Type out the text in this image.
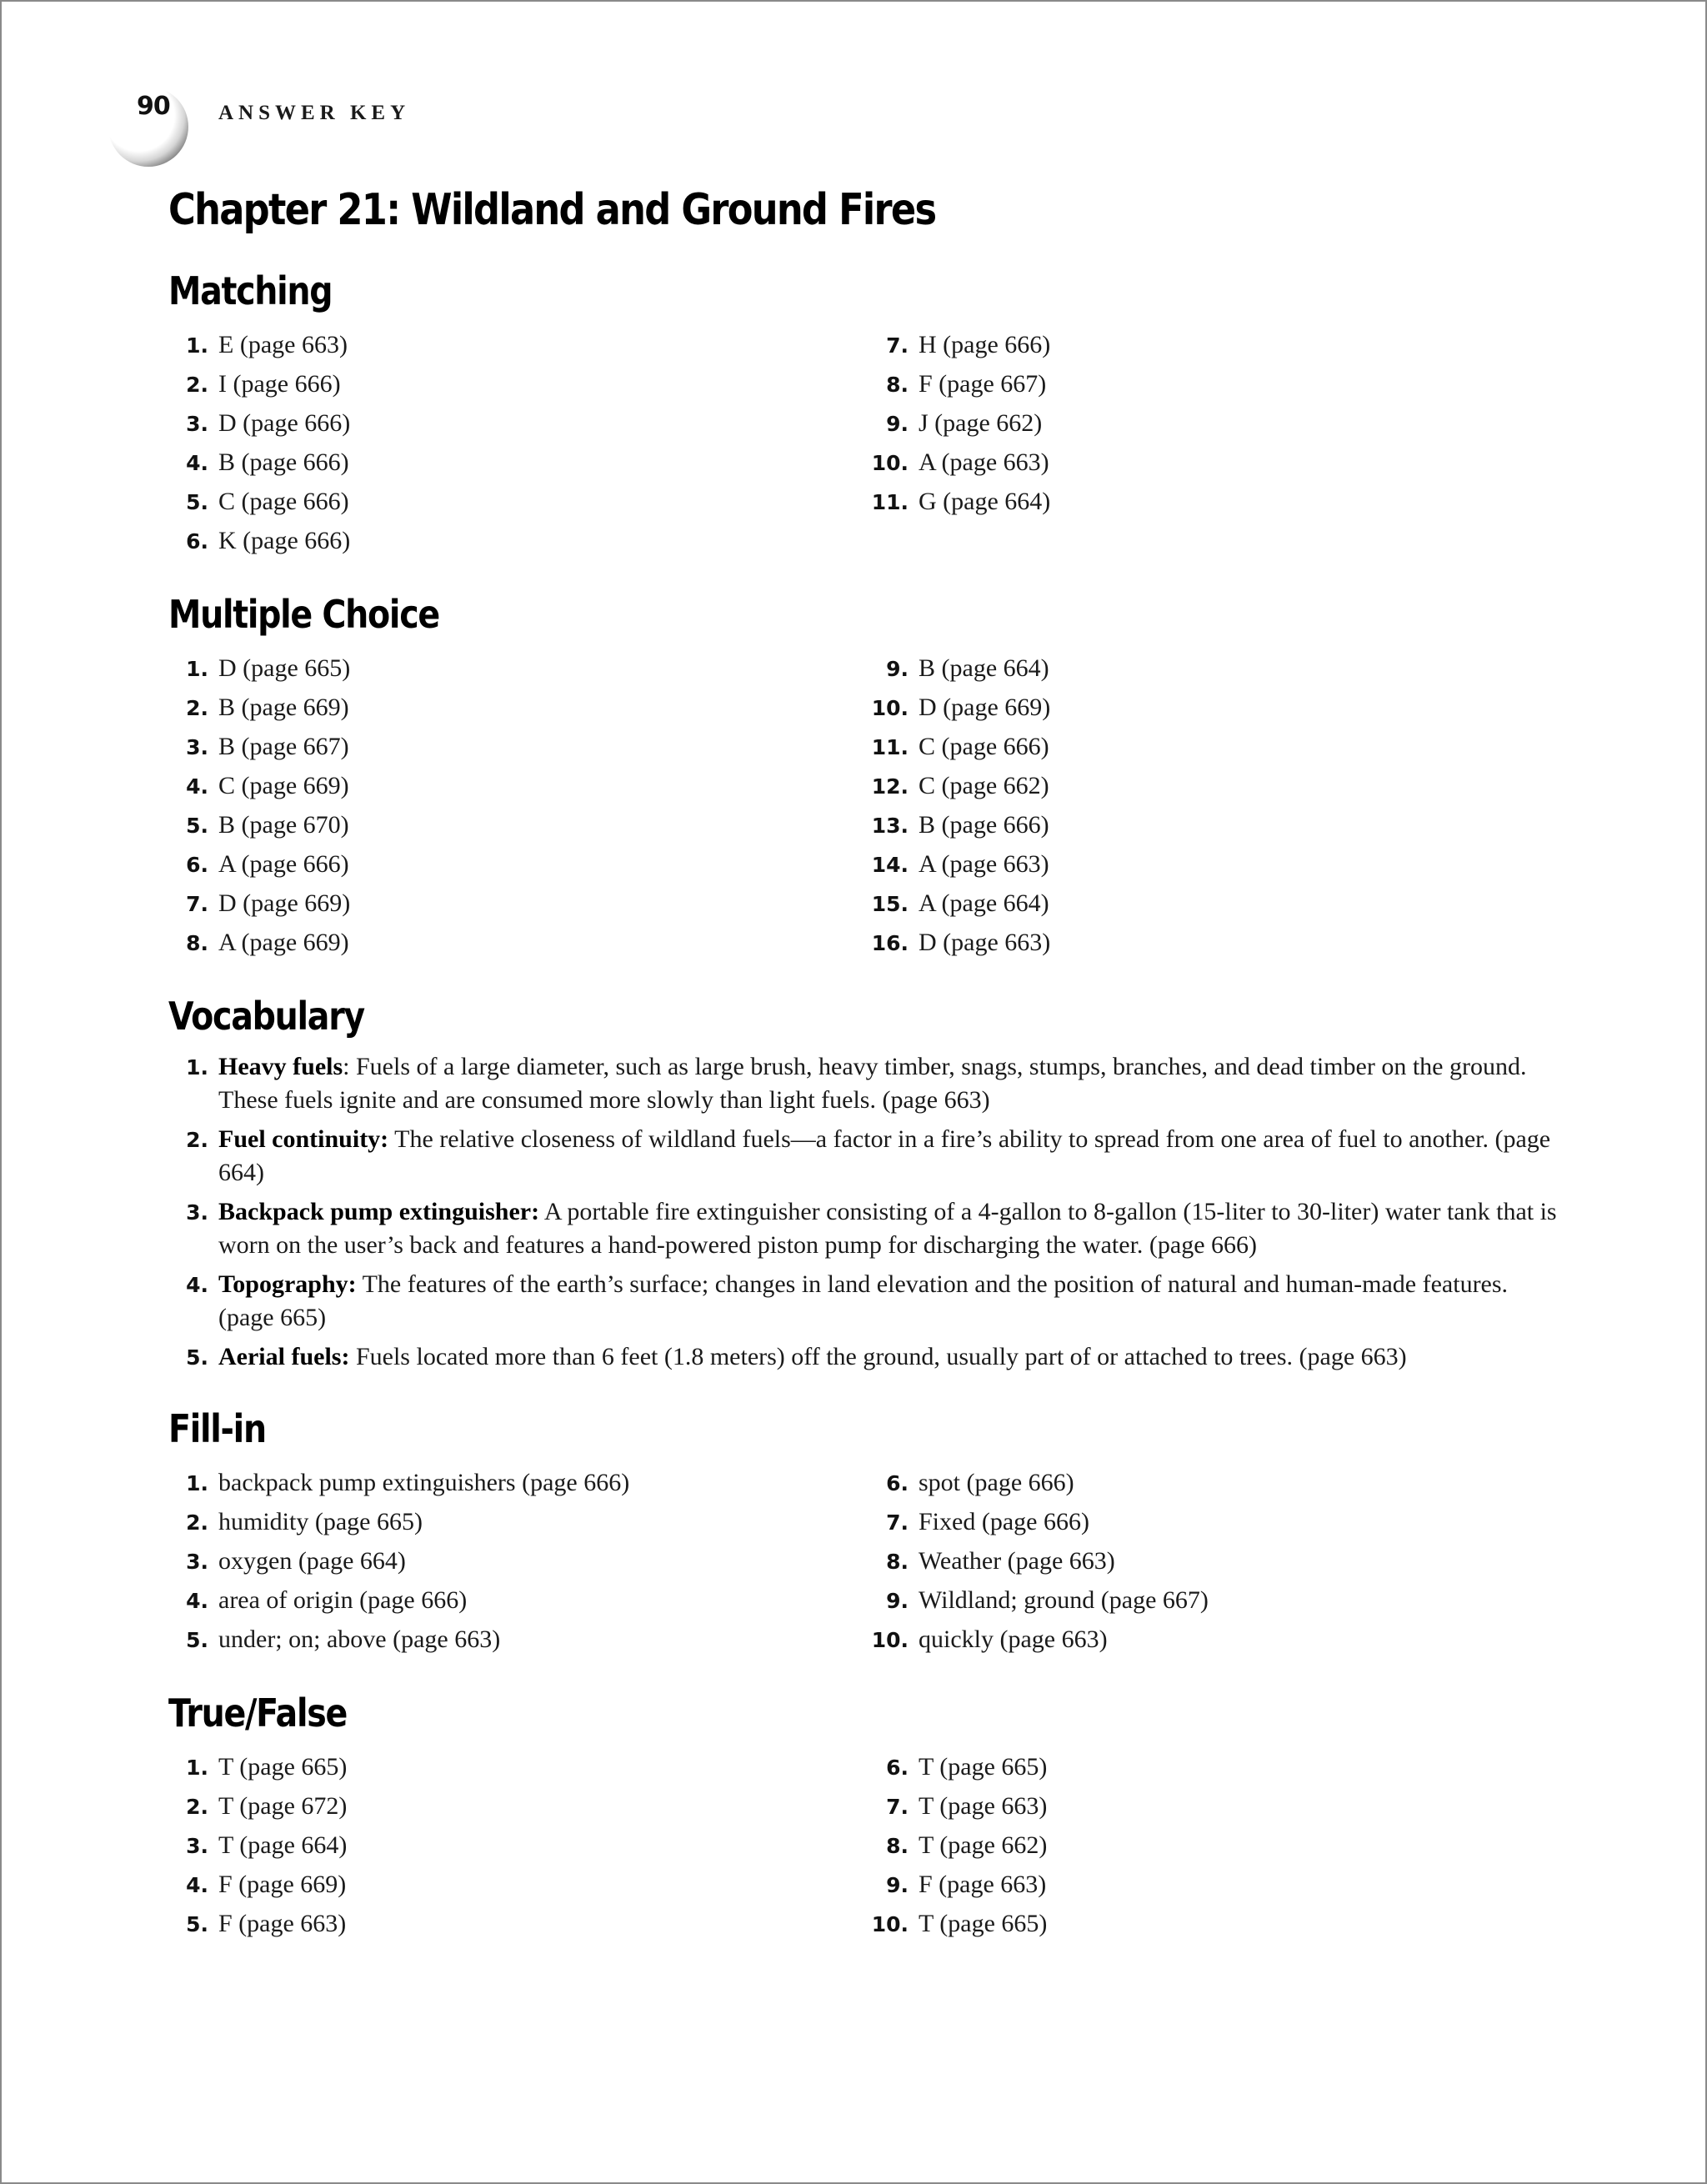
90 ANSWER KEY
Chapter 21: Wildland and Ground Fires
Matching
1. E (page 663)
2. I (page 666)
3. D (page 666)
4. B (page 666)
5. C (page 666)
6. K (page 666)
7. H (page 666)
8. F (page 667)
9. J (page 662)
10. A (page 663)
11. G (page 664)
Multiple Choice
1. D (page 665)
2. B (page 669)
3. B (page 667)
4. C (page 669)
5. B (page 670)
6. A (page 666)
7. D (page 669)
8. A (page 669)
9. B (page 664)
10. D (page 669)
11. C (page 666)
12. C (page 662)
13. B (page 666)
14. A (page 663)
15. A (page 664)
16. D (page 663)
Vocabulary
1. Heavy fuels: Fuels of a large diameter, such as large brush, heavy timber, snags, stumps, branches, and dead timber on the ground. These fuels ignite and are consumed more slowly than light fuels. (page 663)
2. Fuel continuity: The relative closeness of wildland fuels—a factor in a fire’s ability to spread from one area of fuel to another. (page 664)
3. Backpack pump extinguisher: A portable fire extinguisher consisting of a 4-gallon to 8-gallon (15-liter to 30-liter) water tank that is worn on the user’s back and features a hand-powered piston pump for discharging the water. (page 666)
4. Topography: The features of the earth’s surface; changes in land elevation and the position of natural and human-made features. (page 665)
5. Aerial fuels: Fuels located more than 6 feet (1.8 meters) off the ground, usually part of or attached to trees. (page 663)
Fill-in
1. backpack pump extinguishers (page 666)
2. humidity (page 665)
3. oxygen (page 664)
4. area of origin (page 666)
5. under; on; above (page 663)
6. spot (page 666)
7. Fixed (page 666)
8. Weather (page 663)
9. Wildland; ground (page 667)
10. quickly (page 663)
True/False
1. T (page 665)
2. T (page 672)
3. T (page 664)
4. F (page 669)
5. F (page 663)
6. T (page 665)
7. T (page 663)
8. T (page 662)
9. F (page 663)
10. T (page 665)
